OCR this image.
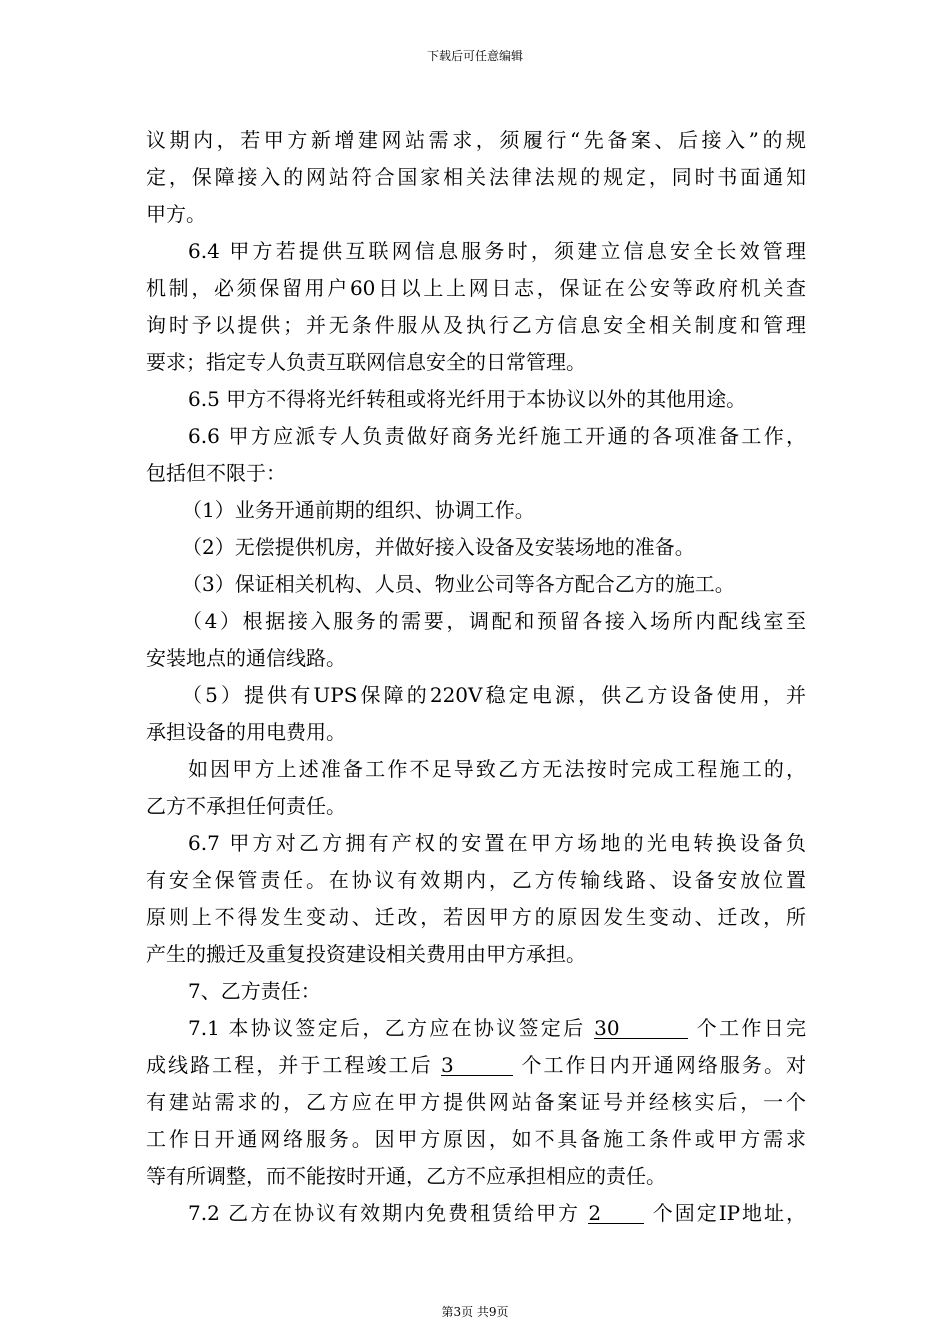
下载后可任意编辑
议期内，若甲方新增建网站需求，须履行“先备案、后接入”的规
定，保障接入的网站符合国家相关法律法规的规定，同时书面通知
甲方。
6.4 甲方若提供互联网信息服务时，须建立信息安全长效管理
机制，必须保留用户60日以上上网日志，保证在公安等政府机关查
询时予以提供；并无条件服从及执行乙方信息安全相关制度和管理
要求；指定专人负责互联网信息安全的日常管理。
6.5 甲方不得将光纤转租或将光纤用于本协议以外的其他用途。
6.6 甲方应派专人负责做好商务光纤施工开通的各项准备工作，
包括但不限于：
（1）业务开通前期的组织、协调工作。
（2）无偿提供机房，并做好接入设备及安装场地的准备。
（3）保证相关机构、人员、物业公司等各方配合乙方的施工。
（4）根据接入服务的需要，调配和预留各接入场所内配线室至
安装地点的通信线路。
（5）提供有UPS保障的220V稳定电源，供乙方设备使用，并
承担设备的用电费用。
如因甲方上述准备工作不足导致乙方无法按时完成工程施工的，
乙方不承担任何责任。
6.7 甲方对乙方拥有产权的安置在甲方场地的光电转换设备负
有安全保管责任。在协议有效期内，乙方传输线路、设备安放位置
原则上不得发生变动、迁改，若因甲方的原因发生变动、迁改，所
产生的搬迁及重复投资建设相关费用由甲方承担。
7、乙方责任：
7.1 本协议签定后，乙方应在协议签定后 30	个工作日完
成线路工程，并于工程竣工后 3	个工作日内开通网络服务。对
有建站需求的，乙方应在甲方提供网站备案证号并经核实后，一个
工作日开通网络服务。因甲方原因，如不具备施工条件或甲方需求
等有所调整，而不能按时开通，乙方不应承担相应的责任。
7.2 乙方在协议有效期内免费租赁给甲方 2	个固定IP地址，
第3页 共9页
